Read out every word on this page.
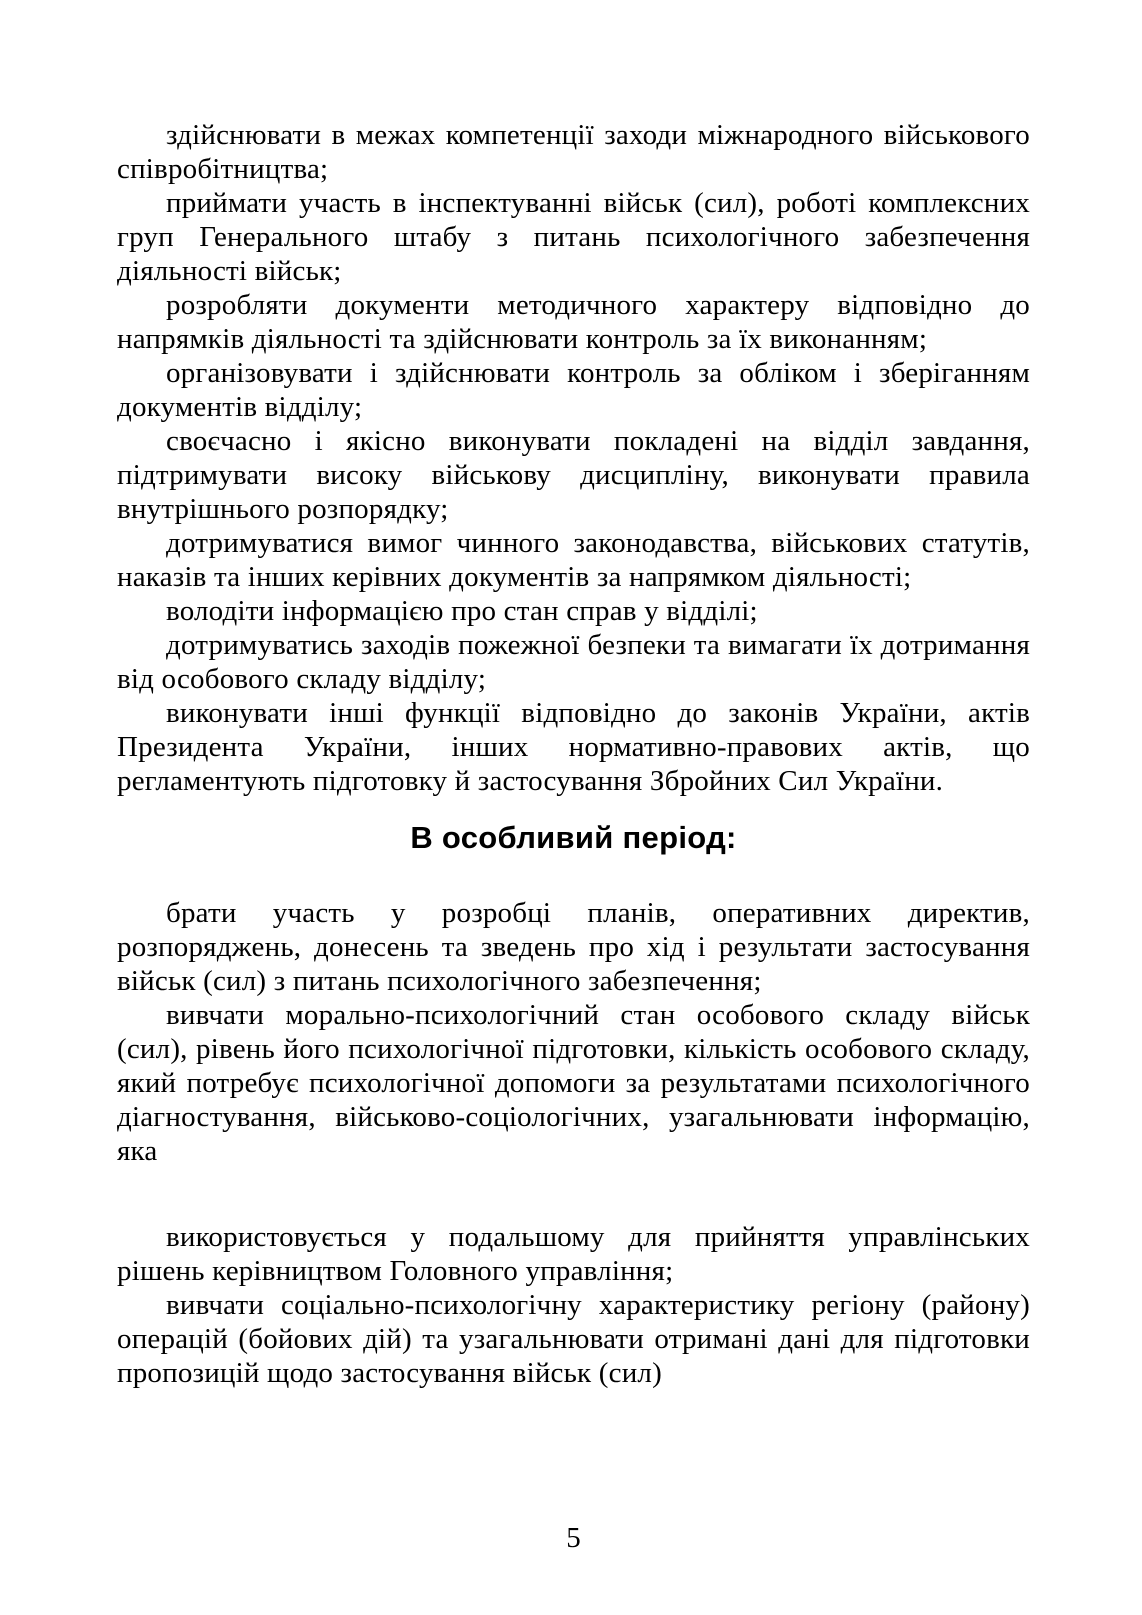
здійснювати в межах компетенції заходи міжнародного військового співробітництва;

приймати участь в інспектуванні військ (сил), роботі комплексних груп Генерального штабу з питань психологічного забезпечення діяльності військ;

розробляти документи методичного характеру відповідно до напрямків діяльності та здійснювати контроль за їх виконанням;

організовувати і здійснювати контроль за обліком і зберіганням документів відділу;

своєчасно і якісно виконувати покладені на відділ завдання, підтримувати високу військову дисципліну, виконувати правила внутрішнього розпорядку;

дотримуватися вимог чинного законодавства, військових статутів, наказів та інших керівних документів за напрямком діяльності;

володіти інформацією про стан справ у відділі;

дотримуватись заходів пожежної безпеки та вимагати їх дотримання від особового складу відділу;

виконувати інші функції відповідно до законів України, актів Президента України, інших нормативно-правових актів, що регламентують підготовку й застосування Збройних Сил України.

В особливий період:

брати участь у розробці планів, оперативних директив, розпоряджень, донесень та зведень про хід і результати застосування військ (сил) з питань психологічного забезпечення;

вивчати морально-психологічний стан особового складу військ (сил), рівень його психологічної підготовки, кількість особового складу, який потребує психологічної допомоги за результатами психологічного діагностування, військово-соціологічних, узагальнювати інформацію, яка

використовується у подальшому для прийняття управлінських рішень керівництвом Головного управління;

вивчати соціально-психологічну характеристику регіону (району) операцій (бойових дій) та узагальнювати отримані дані для підготовки пропозицій щодо застосування військ (сил)

5
